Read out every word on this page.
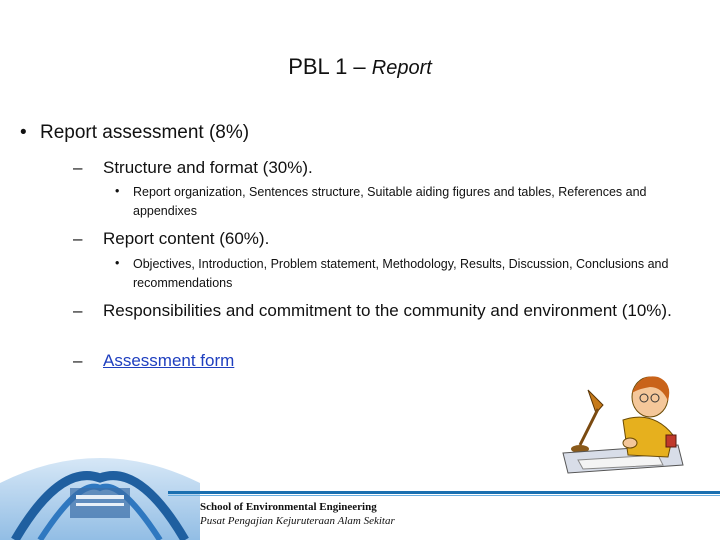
PBL 1 – Report
• Report assessment (8%)
– Structure and format (30%).
• Report organization, Sentences structure, Suitable aiding figures and tables, References and appendixes
– Report content (60%).
• Objectives, Introduction, Problem statement, Methodology, Results, Discussion, Conclusions and recommendations
– Responsibilities and commitment to the community and environment (10%).
– Assessment form
School of Environmental Engineering
Pusat Pengajian Kejuruteraan Alam Sekitar
